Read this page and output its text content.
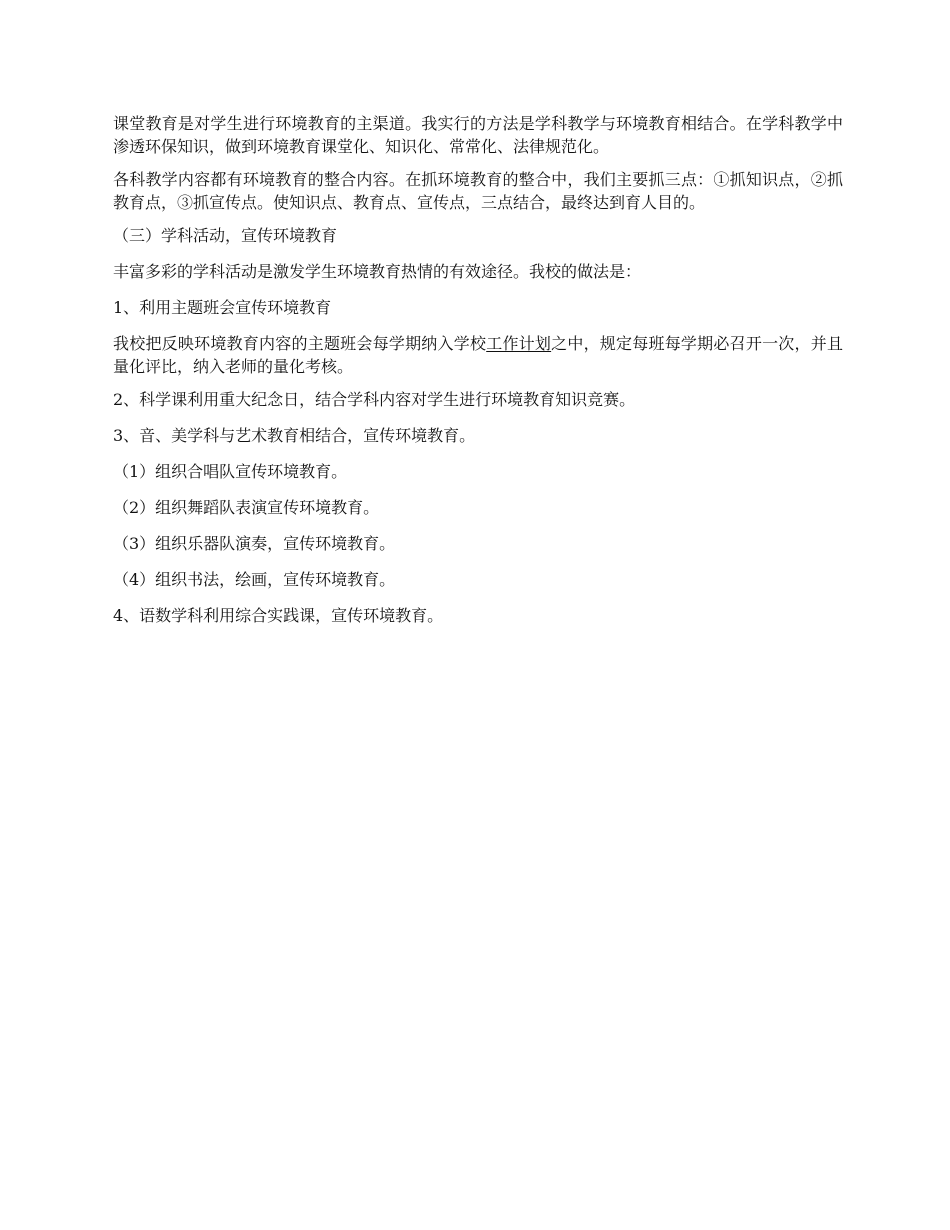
课堂教育是对学生进行环境教育的主渠道。我实行的方法是学科教学与环境教育相结合。在学科教学中渗透环保知识，做到环境教育课堂化、知识化、常常化、法律规范化。

各科教学内容都有环境教育的整合内容。在抓环境教育的整合中，我们主要抓三点：①抓知识点，②抓教育点，③抓宣传点。使知识点、教育点、宣传点，三点结合，最终达到育人目的。

（三）学科活动，宣传环境教育

丰富多彩的学科活动是激发学生环境教育热情的有效途径。我校的做法是：

1、利用主题班会宣传环境教育

我校把反映环境教育内容的主题班会每学期纳入学校工作计划之中，规定每班每学期必召开一次，并且量化评比，纳入老师的量化考核。

2、科学课利用重大纪念日，结合学科内容对学生进行环境教育知识竞赛。

3、音、美学科与艺术教育相结合，宣传环境教育。

（1）组织合唱队宣传环境教育。

（2）组织舞蹈队表演宣传环境教育。

（3）组织乐器队演奏，宣传环境教育。

（4）组织书法，绘画，宣传环境教育。

4、语数学科利用综合实践课，宣传环境教育。
